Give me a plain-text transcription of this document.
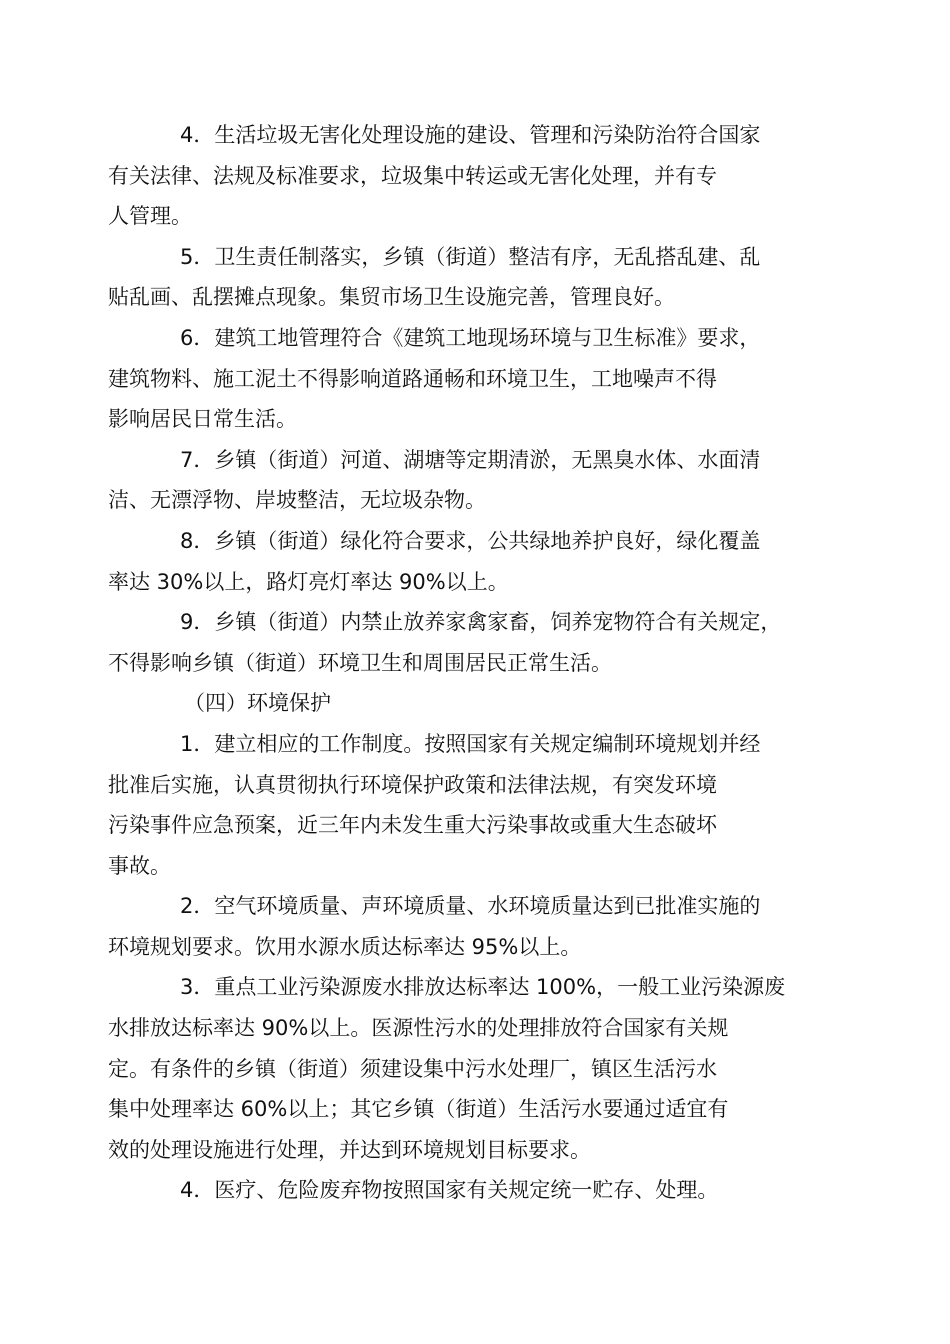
4．生活垃圾无害化处理设施的建设、管理和污染防治符合国家
有关法律、法规及标准要求，垃圾集中转运或无害化处理，并有专
人管理。

5．卫生责任制落实，乡镇（街道）整洁有序，无乱搭乱建、乱
贴乱画、乱摆摊点现象。集贸市场卫生设施完善，管理良好。

6．建筑工地管理符合《建筑工地现场环境与卫生标准》要求，
建筑物料、施工泥土不得影响道路通畅和环境卫生，工地噪声不得
影响居民日常生活。

7．乡镇（街道）河道、湖塘等定期清淤，无黑臭水体、水面清
洁、无漂浮物、岸坡整洁，无垃圾杂物。

8．乡镇（街道）绿化符合要求，公共绿地养护良好，绿化覆盖
率达 30%以上，路灯亮灯率达 90%以上。

9．乡镇（街道）内禁止放养家禽家畜，饲养宠物符合有关规定，
不得影响乡镇（街道）环境卫生和周围居民正常生活。

（四）环境保护

1．建立相应的工作制度。按照国家有关规定编制环境规划并经
批准后实施，认真贯彻执行环境保护政策和法律法规，有突发环境
污染事件应急预案，近三年内未发生重大污染事故或重大生态破坏
事故。

2．空气环境质量、声环境质量、水环境质量达到已批准实施的
环境规划要求。饮用水源水质达标率达 95%以上。

3．重点工业污染源废水排放达标率达 100%，一般工业污染源废
水排放达标率达 90%以上。医源性污水的处理排放符合国家有关规
定。有条件的乡镇（街道）须建设集中污水处理厂，镇区生活污水
集中处理率达 60%以上；其它乡镇（街道）生活污水要通过适宜有
效的处理设施进行处理，并达到环境规划目标要求。

4．医疗、危险废弃物按照国家有关规定统一贮存、处理。
